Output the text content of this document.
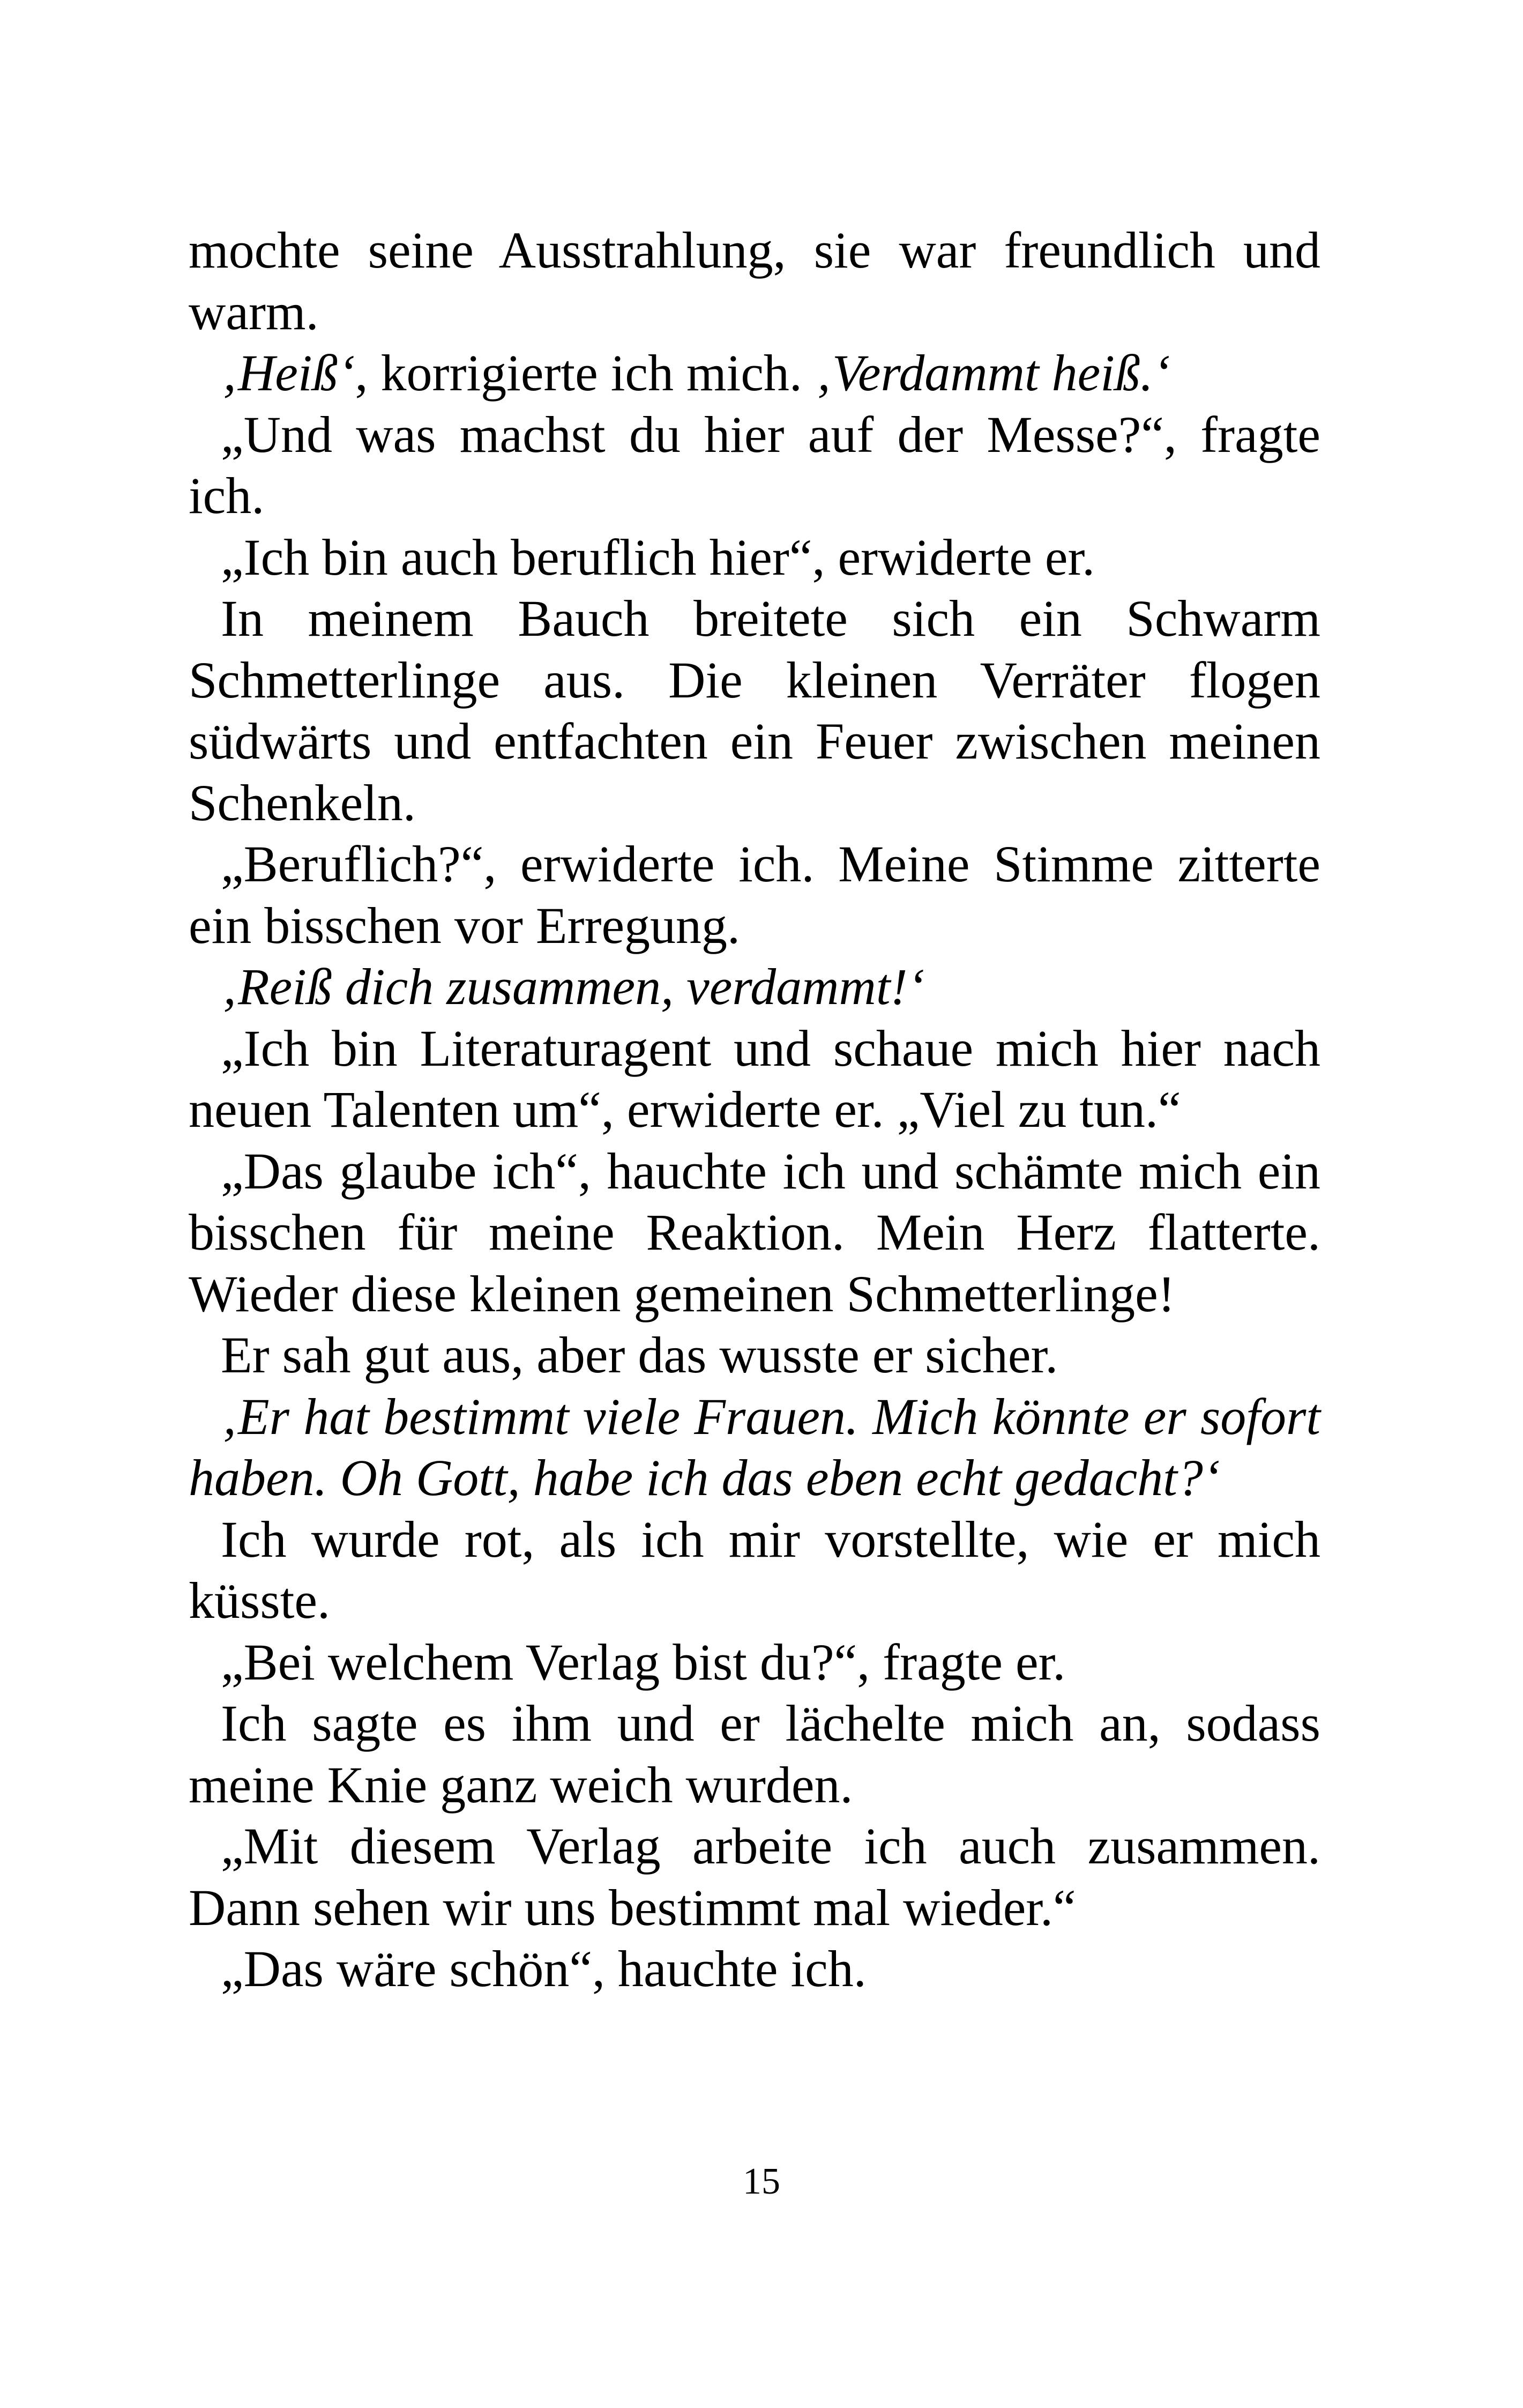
mochte seine Ausstrahlung, sie war freundlich und warm.

‚Heiß‘, korrigierte ich mich. ‚Verdammt heiß.‘

„Und was machst du hier auf der Messe?“, fragte ich.

„Ich bin auch beruflich hier“, erwiderte er.

In meinem Bauch breitete sich ein Schwarm Schmetterlinge aus. Die kleinen Verräter flogen südwärts und entfachten ein Feuer zwischen meinen Schenkeln.

„Beruflich?“, erwiderte ich. Meine Stimme zitterte ein bisschen vor Erregung.

‚Reiß dich zusammen, verdammt!‘

„Ich bin Literaturagent und schaue mich hier nach neuen Talenten um“, erwiderte er. „Viel zu tun.“

„Das glaube ich“, hauchte ich und schämte mich ein bisschen für meine Reaktion. Mein Herz flatterte. Wieder diese kleinen gemeinen Schmetterlinge!

Er sah gut aus, aber das wusste er sicher.

‚Er hat bestimmt viele Frauen. Mich könnte er sofort haben. Oh Gott, habe ich das eben echt gedacht?‘

Ich wurde rot, als ich mir vorstellte, wie er mich küsste.

„Bei welchem Verlag bist du?“, fragte er.

Ich sagte es ihm und er lächelte mich an, sodass meine Knie ganz weich wurden.

„Mit diesem Verlag arbeite ich auch zusammen. Dann sehen wir uns bestimmt mal wieder.“

„Das wäre schön“, hauchte ich.

15
